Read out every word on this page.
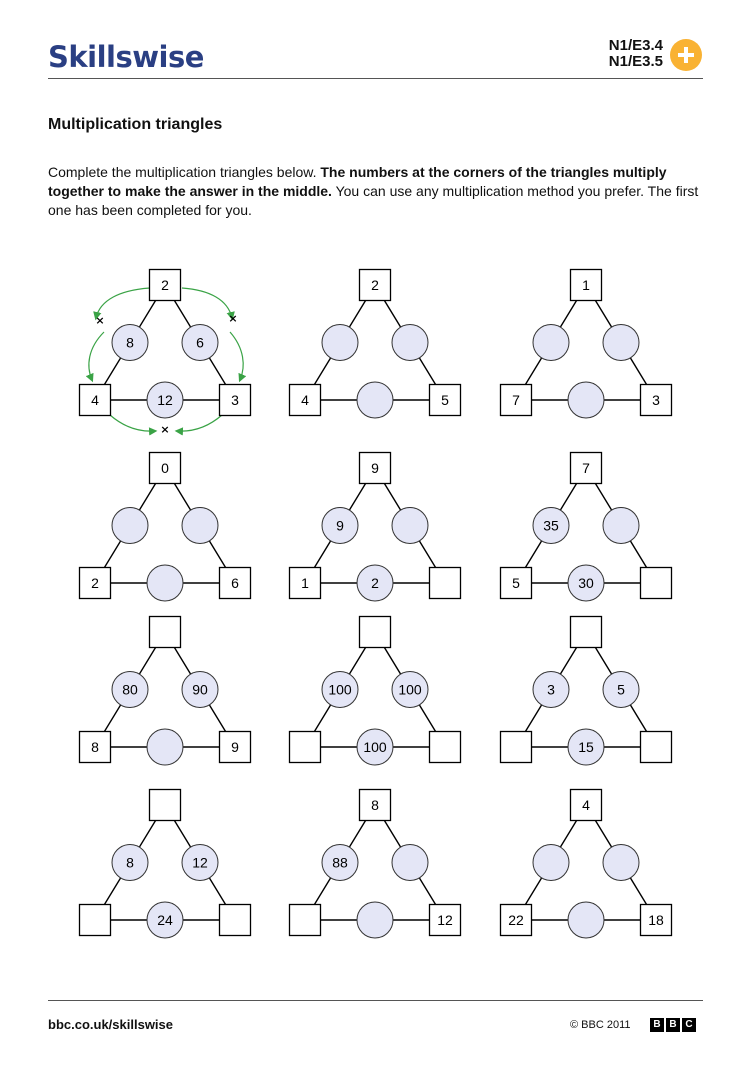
Skillswise	N1/E3.4
N1/E3.5
Multiplication triangles
Complete the multiplication triangles below. The numbers at the corners of the triangles multiply together to make the answer in the middle. You can use any multiplication method you prefer. The first one has been completed for you.
×	×
×
8	6
12
2
4	3
2
4	5
1
7	3
0
2	6
9
2
9
1
35
30
7
5
80	90
8	9
100	100
100
3	5
15
8	12
24
88
8
12
4
22	18
bbc.co.uk/skillswise	© BBC 2011	B B C
